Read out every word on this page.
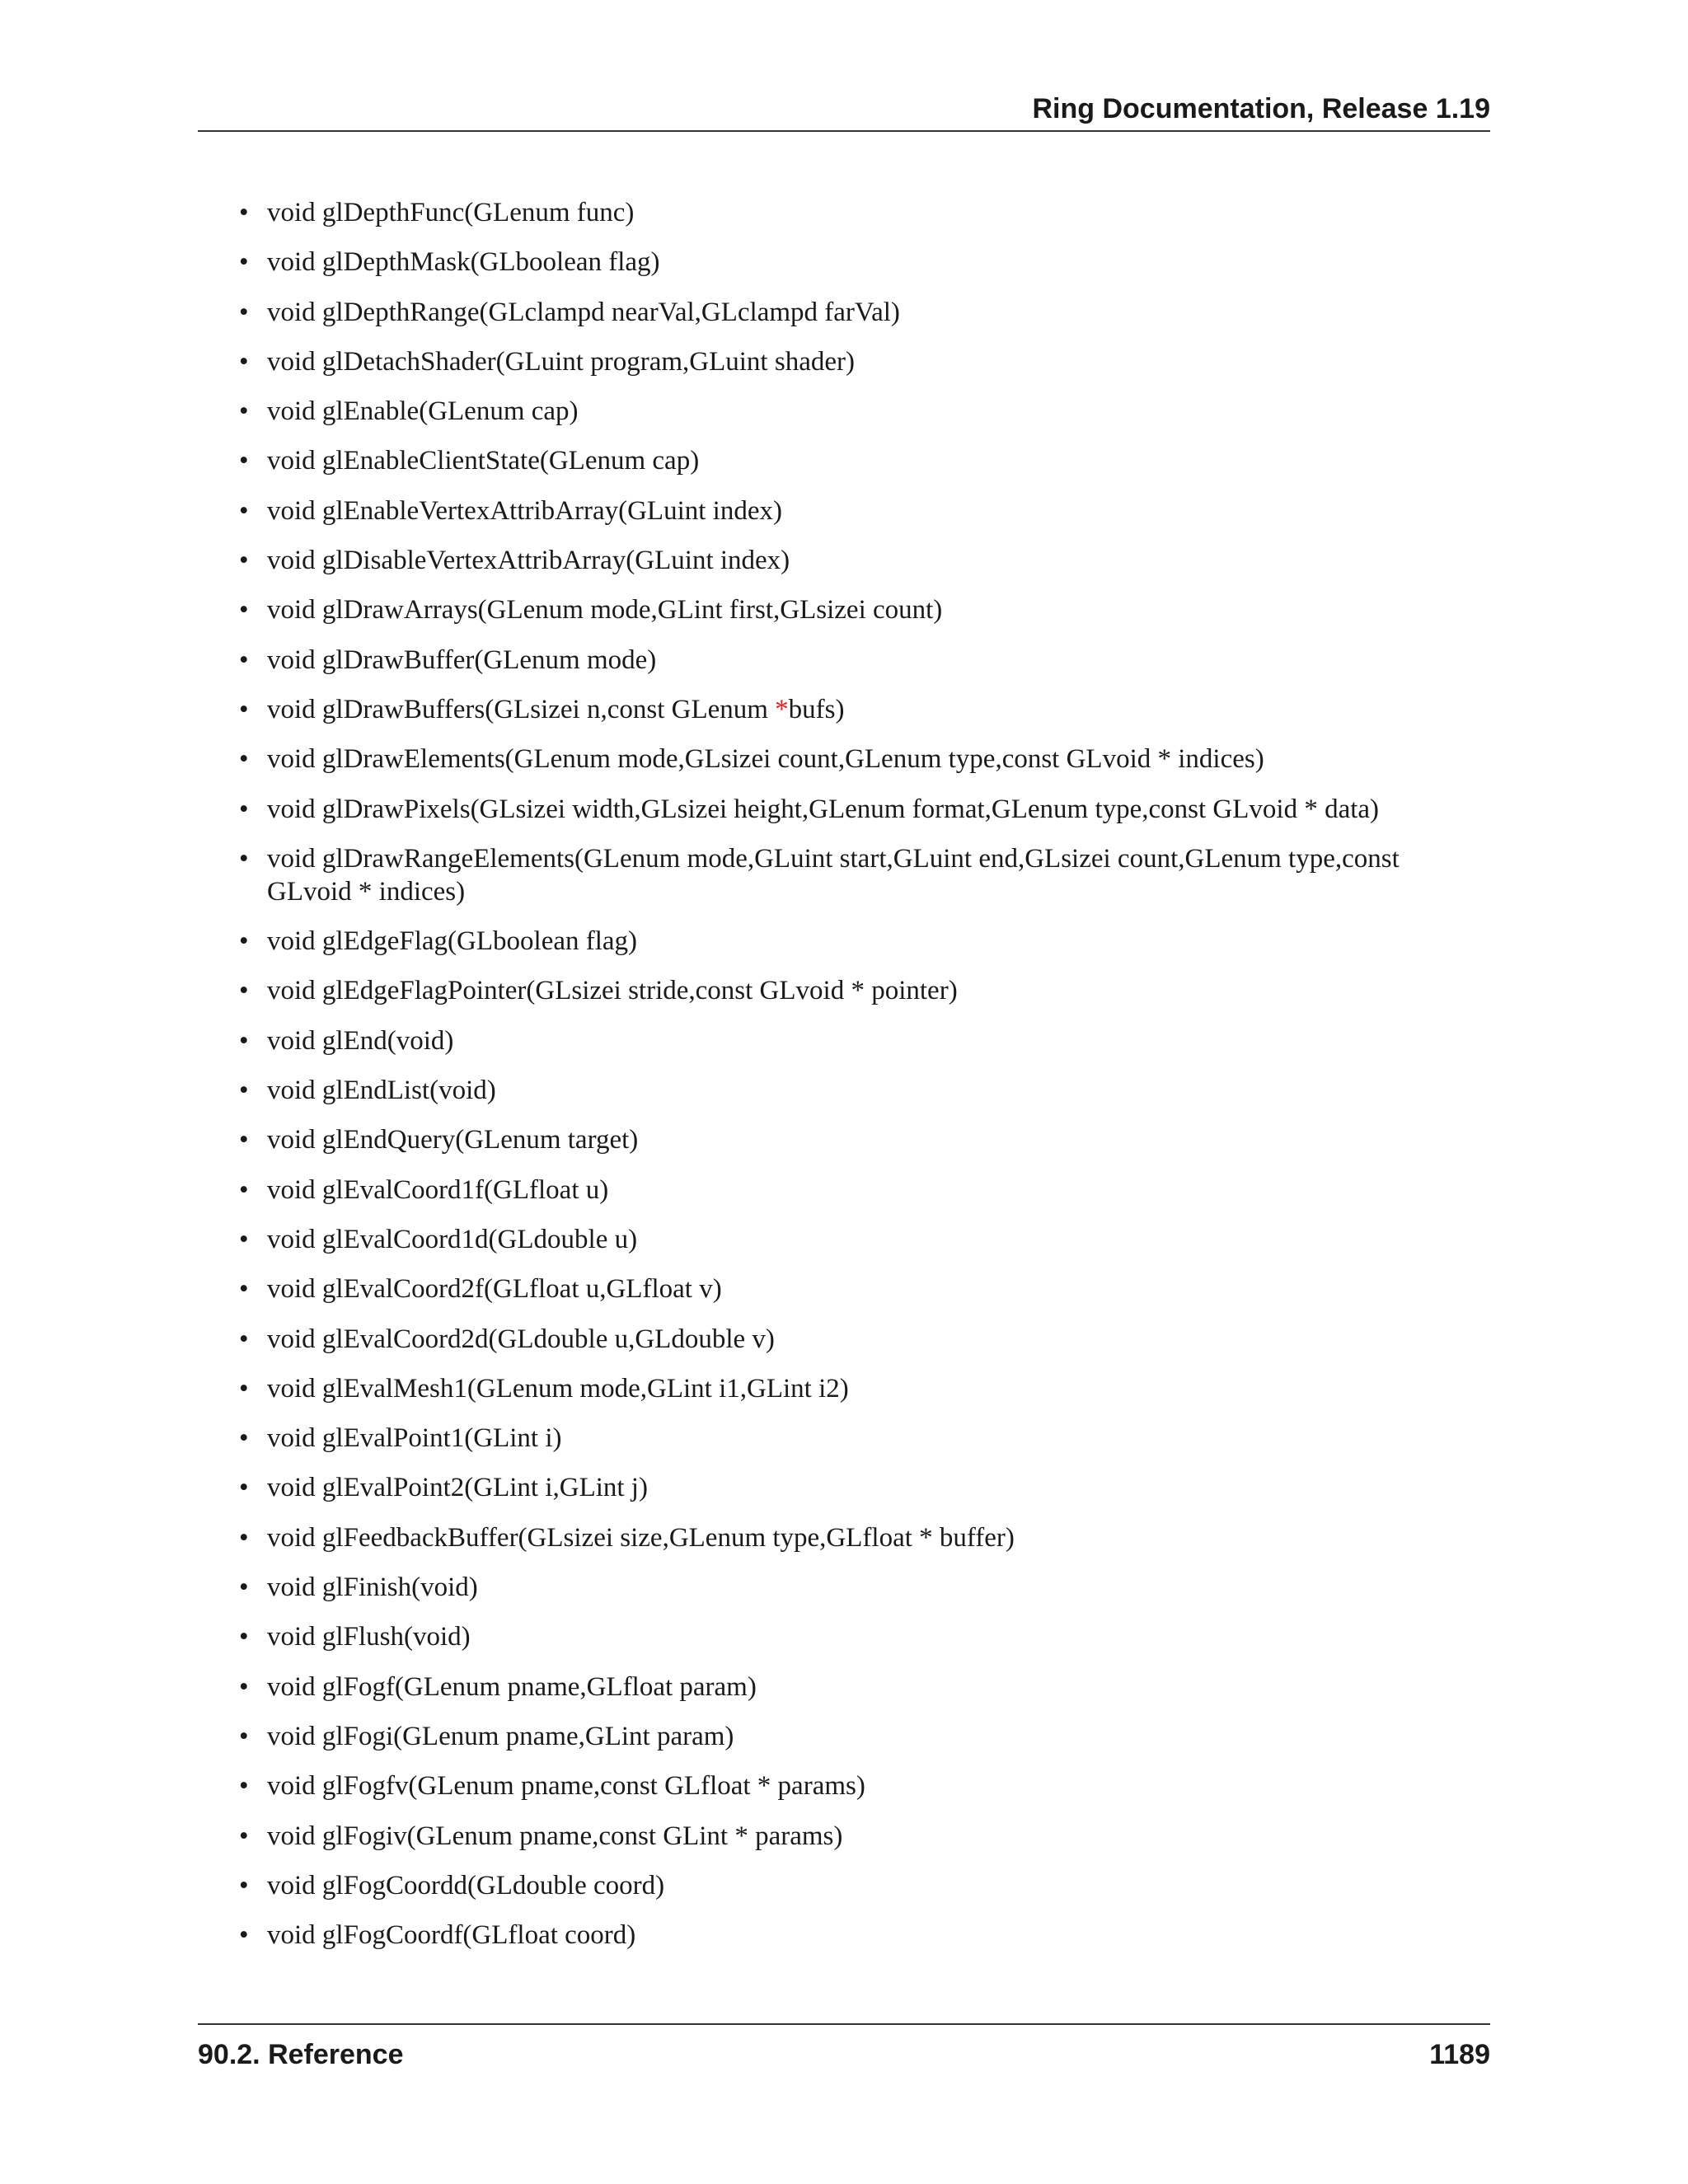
Ring Documentation, Release 1.19
• void glDepthFunc(GLenum func)
• void glDepthMask(GLboolean flag)
• void glDepthRange(GLclampd nearVal,GLclampd farVal)
• void glDetachShader(GLuint program,GLuint shader)
• void glEnable(GLenum cap)
• void glEnableClientState(GLenum cap)
• void glEnableVertexAttribArray(GLuint index)
• void glDisableVertexAttribArray(GLuint index)
• void glDrawArrays(GLenum mode,GLint first,GLsizei count)
• void glDrawBuffer(GLenum mode)
• void glDrawBuffers(GLsizei n,const GLenum *bufs)
• void glDrawElements(GLenum mode,GLsizei count,GLenum type,const GLvoid * indices)
• void glDrawPixels(GLsizei width,GLsizei height,GLenum format,GLenum type,const GLvoid * data)
• void glDrawRangeElements(GLenum mode,GLuint start,GLuint end,GLsizei count,GLenum type,const GLvoid * indices)
• void glEdgeFlag(GLboolean flag)
• void glEdgeFlagPointer(GLsizei stride,const GLvoid * pointer)
• void glEnd(void)
• void glEndList(void)
• void glEndQuery(GLenum target)
• void glEvalCoord1f(GLfloat u)
• void glEvalCoord1d(GLdouble u)
• void glEvalCoord2f(GLfloat u,GLfloat v)
• void glEvalCoord2d(GLdouble u,GLdouble v)
• void glEvalMesh1(GLenum mode,GLint i1,GLint i2)
• void glEvalPoint1(GLint i)
• void glEvalPoint2(GLint i,GLint j)
• void glFeedbackBuffer(GLsizei size,GLenum type,GLfloat * buffer)
• void glFinish(void)
• void glFlush(void)
• void glFogf(GLenum pname,GLfloat param)
• void glFogi(GLenum pname,GLint param)
• void glFogfv(GLenum pname,const GLfloat * params)
• void glFogiv(GLenum pname,const GLint * params)
• void glFogCoordd(GLdouble coord)
• void glFogCoordf(GLfloat coord)
90.2. Reference	1189
